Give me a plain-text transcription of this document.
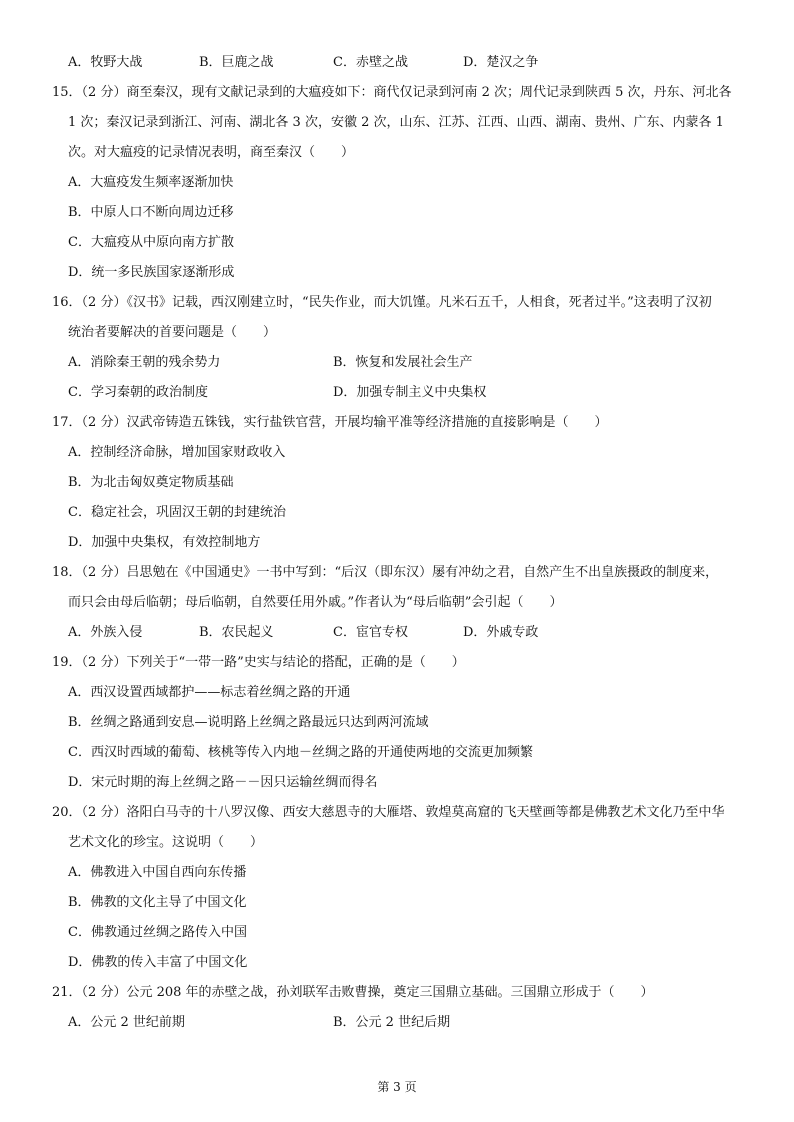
A．牧野大战	B．巨鹿之战	C．赤壁之战	D．楚汉之争
15．（2 分）商至秦汉，现有文献记录到的大瘟疫如下：商代仅记录到河南 2 次；周代记录到陕西 5 次，丹东、河北各
1 次；秦汉记录到浙江、河南、湖北各 3 次，安徽 2 次，山东、江苏、江西、山西、湖南、贵州、广东、内蒙各 1
次。对大瘟疫的记录情况表明，商至秦汉（　　）
A．大瘟疫发生频率逐渐加快
B．中原人口不断向周边迁移
C．大瘟疫从中原向南方扩散
D．统一多民族国家逐渐形成
16．（2 分）《汉书》记载，西汉刚建立时，“民失作业，而大饥馑。凡米石五千，人相食，死者过半。”这表明了汉初
统治者要解决的首要问题是（　　）
A．消除秦王朝的残余势力	B．恢复和发展社会生产
C．学习秦朝的政治制度	D．加强专制主义中央集权
17．（2 分）汉武帝铸造五铢钱，实行盐铁官营，开展均输平准等经济措施的直接影响是（　　）
A．控制经济命脉，增加国家财政收入
B．为北击匈奴奠定物质基础
C．稳定社会，巩固汉王朝的封建统治
D．加强中央集权，有效控制地方
18．（2 分）吕思勉在《中国通史》一书中写到：“后汉（即东汉）屡有冲幼之君，自然产生不出皇族摄政的制度来，
而只会由母后临朝；母后临朝，自然要任用外戚。”作者认为“母后临朝”会引起（　　）
A．外族入侵	B．农民起义	C．宦官专权	D．外戚专政
19．（2 分）下列关于“一带一路”史实与结论的搭配，正确的是（　　）
A．西汉设置西域都护——标志着丝绸之路的开通
B．丝绸之路通到安息—说明路上丝绸之路最远只达到两河流域
C．西汉时西域的葡萄、核桃等传入内地－丝绸之路的开通使两地的交流更加频繁
D．宋元时期的海上丝绸之路－－因只运输丝绸而得名
20．（2 分）洛阳白马寺的十八罗汉像、西安大慈恩寺的大雁塔、敦煌莫高窟的飞天壁画等都是佛教艺术文化乃至中华
艺术文化的珍宝。这说明（　　）
A．佛教进入中国自西向东传播
B．佛教的文化主导了中国文化
C．佛教通过丝绸之路传入中国
D．佛教的传入丰富了中国文化
21．（2 分）公元 208 年的赤壁之战，孙刘联军击败曹操，奠定三国鼎立基础。三国鼎立形成于（　　）
A．公元 2 世纪前期	B．公元 2 世纪后期
第 3 页
